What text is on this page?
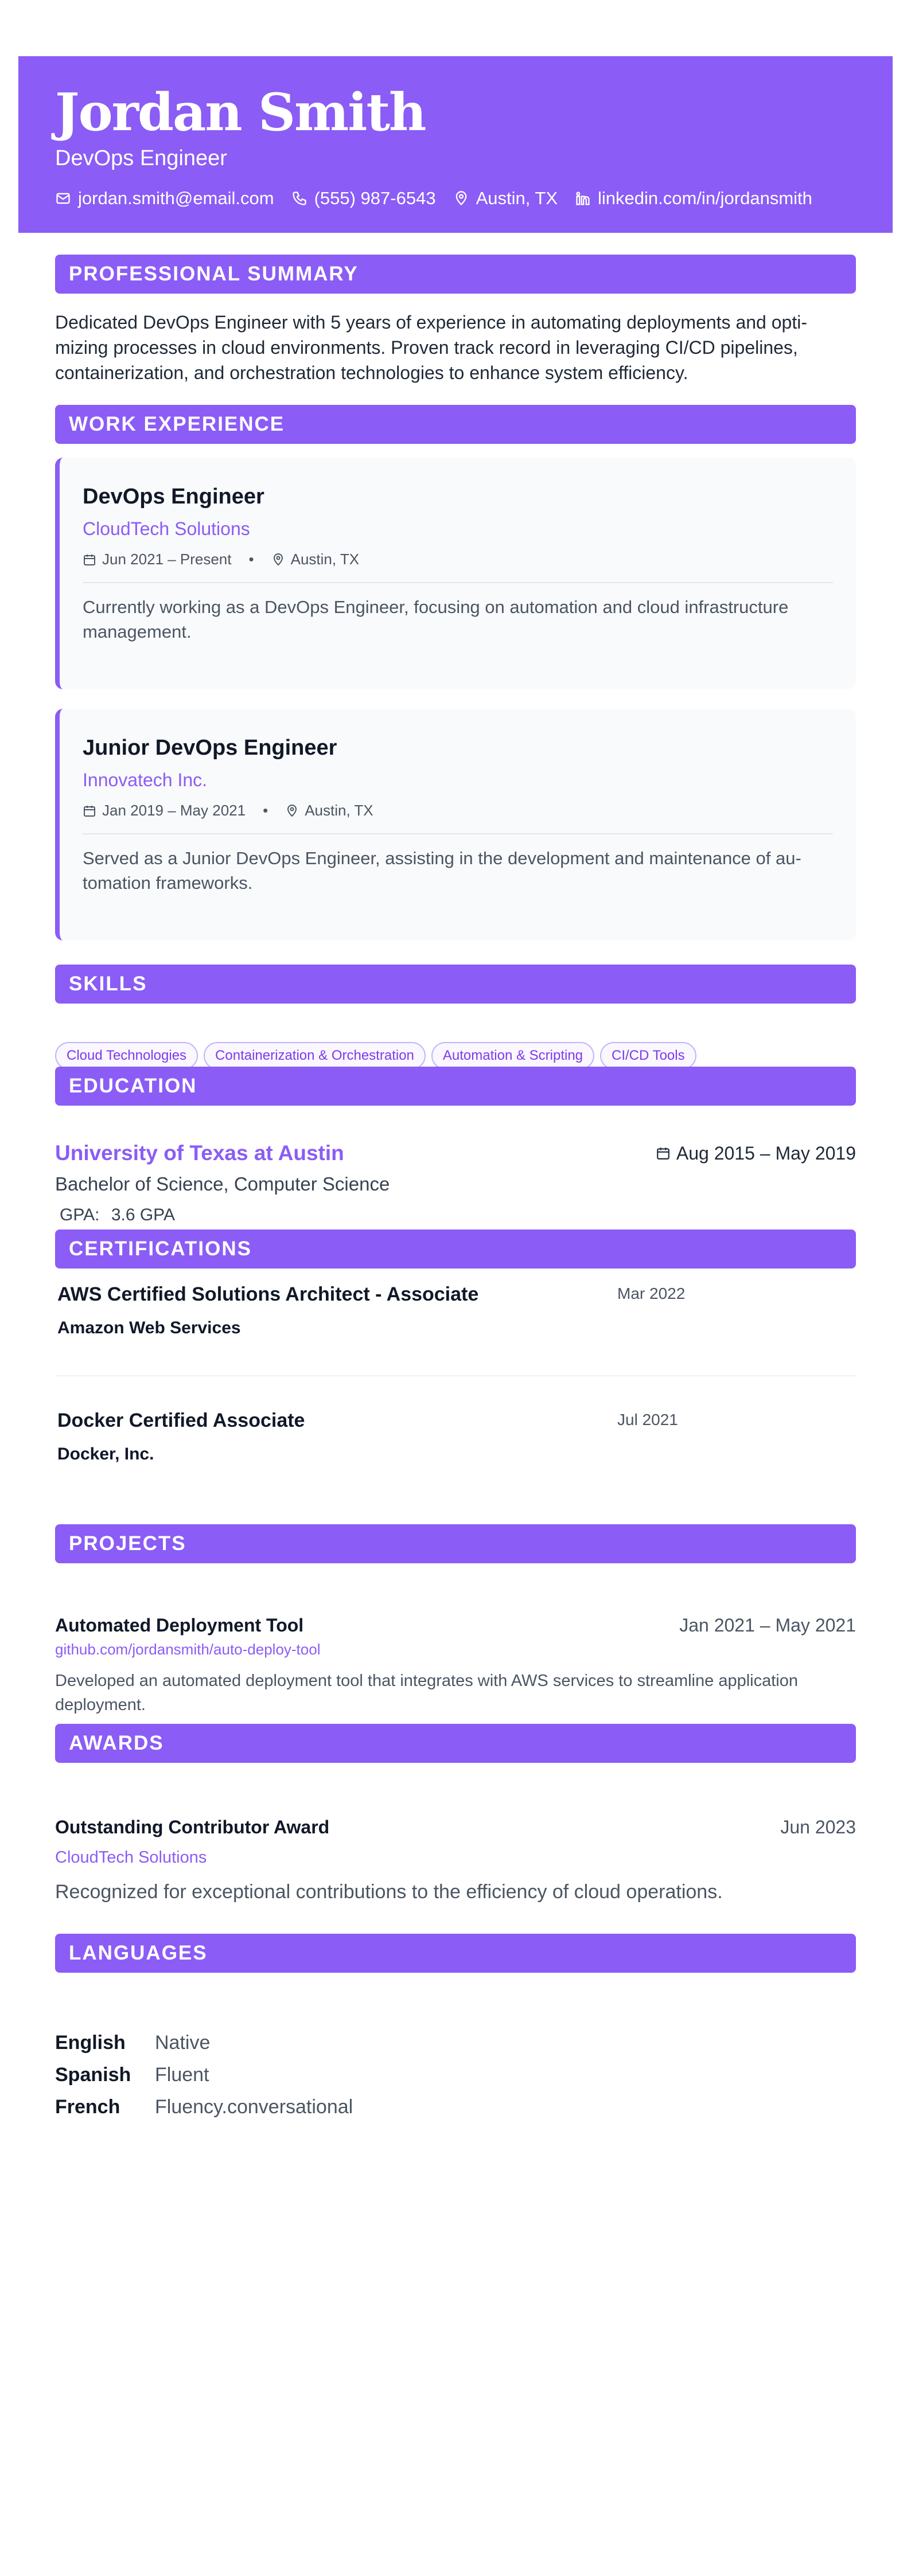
Jordan Smith
DevOps Engineer
jordan.smith@email.com (555) 987-6543 Austin, TX linkedin.com/in/jordansmith
PROFESSIONAL SUMMARY
Dedicated DevOps Engineer with 5 years of experience in automating deployments and opti-
mizing processes in cloud environments. Proven track record in leveraging CI/CD pipelines,
containerization, and orchestration technologies to enhance system efficiency.
WORK EXPERIENCE
DevOps Engineer
CloudTech Solutions
Jun 2021 – Present • Austin, TX
Currently working as a DevOps Engineer, focusing on automation and cloud infrastructure
management.
Junior DevOps Engineer
Innovatech Inc.
Jan 2019 – May 2021 • Austin, TX
Served as a Junior DevOps Engineer, assisting in the development and maintenance of au-
tomation frameworks.
SKILLS
Cloud Technologies	Containerization & Orchestration	Automation & Scripting	CI/CD Tools
EDUCATION
University of Texas at Austin	Aug 2015 – May 2019
Bachelor of Science, Computer Science
GPA: 3.6 GPA
CERTIFICATIONS
AWS Certified Solutions Architect - Associate	Mar 2022
Amazon Web Services
Docker Certified Associate	Jul 2021
Docker, Inc.
PROJECTS
Automated Deployment Tool	Jan 2021 – May 2021
github.com/jordansmith/auto-deploy-tool
Developed an automated deployment tool that integrates with AWS services to streamline application
deployment.
AWARDS
Outstanding Contributor Award	Jun 2023
CloudTech Solutions
Recognized for exceptional contributions to the efficiency of cloud operations.
LANGUAGES
English	Native
Spanish	Fluent
French	Fluency.conversational
